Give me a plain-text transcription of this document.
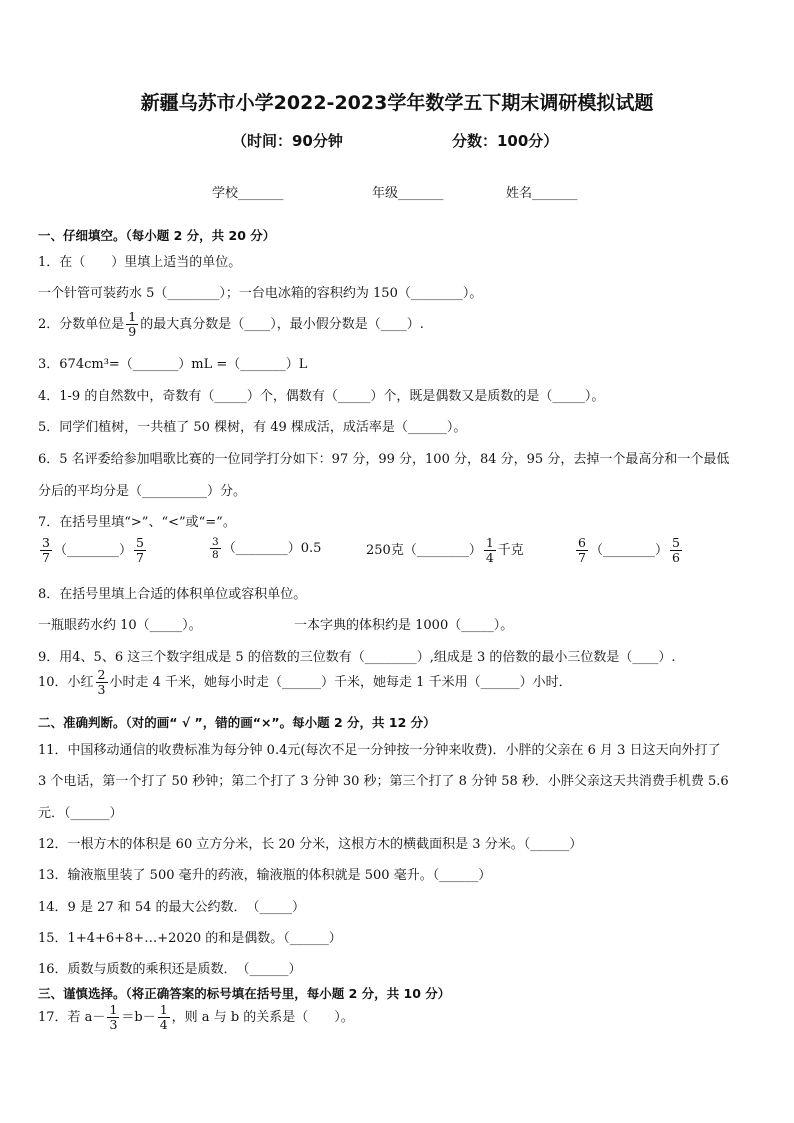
新疆乌苏市小学2022-2023学年数学五下期末调研模拟试题
（时间：90分钟	分数：100分）
学校_______	年级_______	姓名_______
一、仔细填空。（每小题 2 分，共 20 分）
1．在（　　）里填上适当的单位。
一个针管可装药水 5（________）；一台电冰箱的容积约为 150（________）。
2．分数单位是 $\frac{1}{9}$ 的最大真分数是（____），最小假分数是（____）.
3．674cm³=（_______）mL =（_______）L
4．1-9 的自然数中，奇数有（_____）个，偶数有（_____）个，既是偶数又是质数的是（_____）。
5．同学们植树，一共植了 50 棵树，有 49 棵成活，成活率是（______）。
6．5 名评委给参加唱歌比赛的一位同学打分如下：97 分，99 分，100 分，84 分，95 分，去掉一个最高分和一个最低
分后的平均分是（__________）分。
7．在括号里填“>”、“<”或“=”。
$\frac{3}{7}$ （________） $\frac{5}{7}$	$\frac{3}{8}$ （________）0.5	250克（________） $\frac{1}{4}$ 千克	$\frac{6}{7}$ （________） $\frac{5}{6}$
8．在括号里填上合适的体积单位或容积单位。
一瓶眼药水约 10（_____）。	一本字典的体积约是 1000（_____）。
9．用4、5、6 这三个数字组成是 5 的倍数的三位数有（________）,组成是 3 的倍数的最小三位数是（____）.
10．小红 $\frac{2}{3}$ 小时走 4 千米，她每小时走（______）千米，她每走 1 千米用（______）小时．
二、准确判断。（对的画“ √ ”，错的画“×”。每小题 2 分，共 12 分）
11．中国移动通信的收费标准为每分钟 0.4元(每次不足一分钟按一分钟来收费)．小胖的父亲在 6 月 3 日这天向外打了
3 个电话，第一个打了 50 秒钟；第二个打了 3 分钟 30 秒；第三个打了 8 分钟 58 秒．小胖父亲这天共消费手机费 5.6
元．（______）
12．一根方木的体积是 60 立方分米，长 20 分米，这根方木的横截面积是 3 分米。（______）
13．输液瓶里装了 500 毫升的药液，输液瓶的体积就是 500 毫升。（______）
14．9 是 27 和 54 的最大公约数．　（_____）
15．1+4+6+8+…+2020 的和是偶数。（______）
16．质数与质数的乘积还是质数．　（______）
三、谨慎选择。（将正确答案的标号填在括号里，每小题 2 分，共 10 分）
17．若 $a- \frac{1}{3} =b- \frac{1}{4}$ ，则 a 与 b 的关系是（　　）。
